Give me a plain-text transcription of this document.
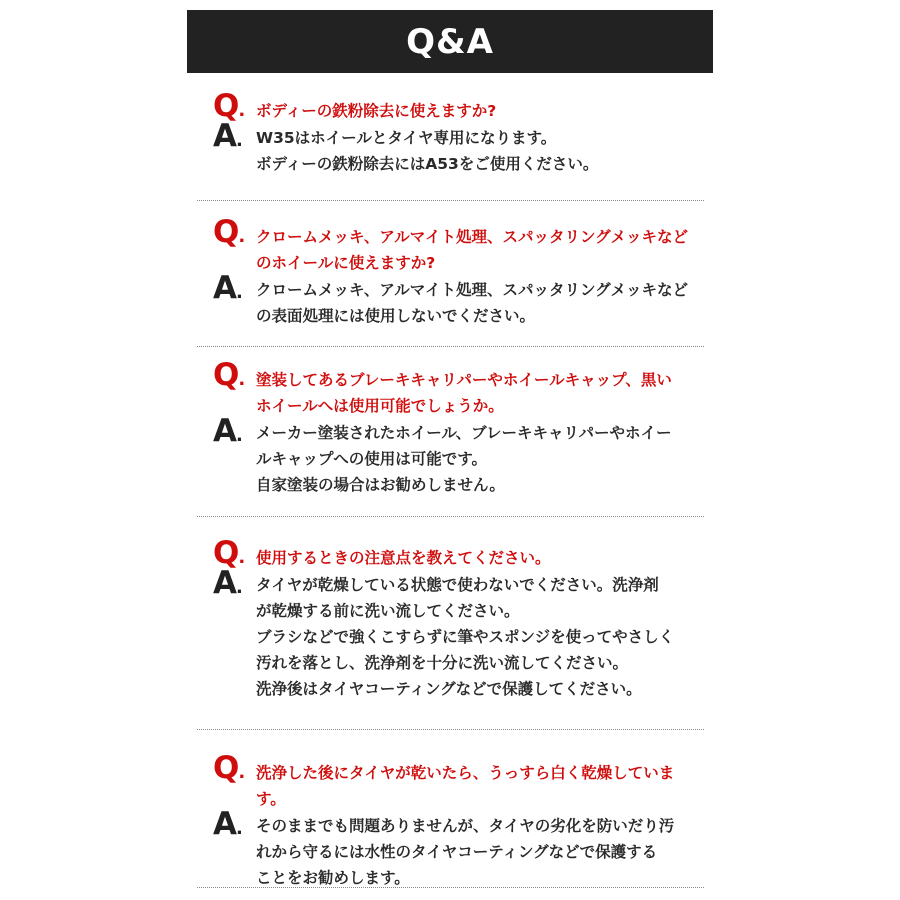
Q&A
Q. ボディーの鉄粉除去に使えますか?
A. W35はホイールとタイヤ専用になります。
ボディーの鉄粉除去にはA53をご使用ください。
Q. クロームメッキ、アルマイト処理、スパッタリングメッキなど
のホイールに使えますか?
A. クロームメッキ、アルマイト処理、スパッタリングメッキなど
の表面処理には使用しないでください。
Q. 塗装してあるブレーキキャリパーやホイールキャップ、黒い
ホイールへは使用可能でしょうか。
A. メーカー塗装されたホイール、ブレーキキャリパーやホイー
ルキャップへの使用は可能です。
自家塗装の場合はお勧めしません。
Q. 使用するときの注意点を教えてください。
A. タイヤが乾燥している状態で使わないでください。洗浄剤
が乾燥する前に洗い流してください。
ブラシなどで強くこすらずに筆やスポンジを使ってやさしく
汚れを落とし、洗浄剤を十分に洗い流してください。
洗浄後はタイヤコーティングなどで保護してください。
Q. 洗浄した後にタイヤが乾いたら、うっすら白く乾燥しています。
A. そのままでも問題ありませんが、タイヤの劣化を防いだり汚
れから守るには水性のタイヤコーティングなどで保護する
ことをお勧めします。
